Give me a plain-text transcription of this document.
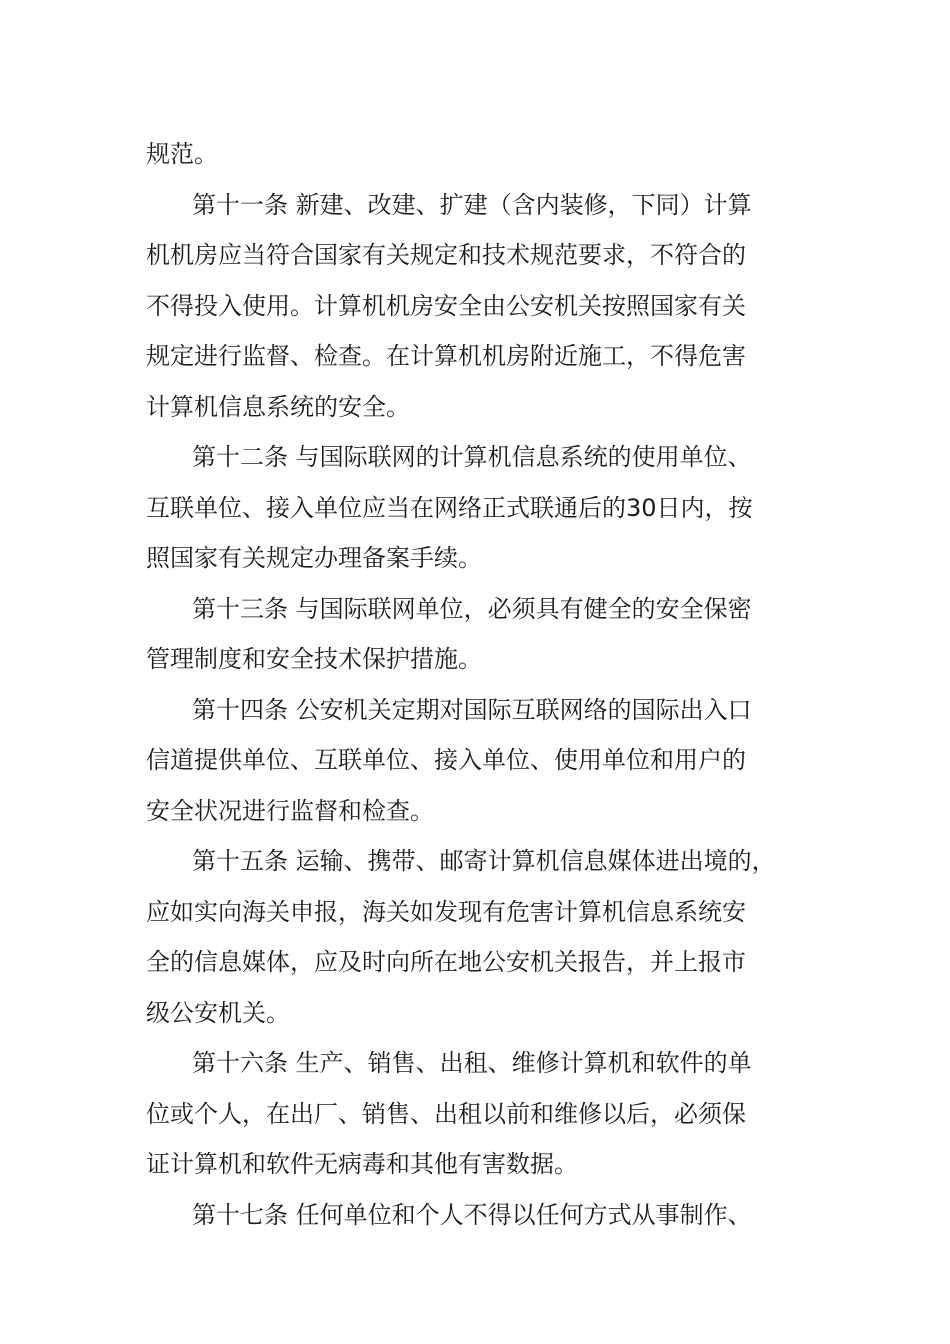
规范。
第十一条 新建、改建、扩建（含内装修，下同）计算
机机房应当符合国家有关规定和技术规范要求，不符合的
不得投入使用。计算机机房安全由公安机关按照国家有关
规定进行监督、检查。在计算机机房附近施工，不得危害
计算机信息系统的安全。
第十二条 与国际联网的计算机信息系统的使用单位、
互联单位、接入单位应当在网络正式联通后的30日内，按
照国家有关规定办理备案手续。
第十三条 与国际联网单位，必须具有健全的安全保密
管理制度和安全技术保护措施。
第十四条 公安机关定期对国际互联网络的国际出入口
信道提供单位、互联单位、接入单位、使用单位和用户的
安全状况进行监督和检查。
第十五条 运输、携带、邮寄计算机信息媒体进出境的，
应如实向海关申报，海关如发现有危害计算机信息系统安
全的信息媒体，应及时向所在地公安机关报告，并上报市
级公安机关。
第十六条 生产、销售、出租、维修计算机和软件的单
位或个人，在出厂、销售、出租以前和维修以后，必须保
证计算机和软件无病毒和其他有害数据。
第十七条 任何单位和个人不得以任何方式从事制作、
